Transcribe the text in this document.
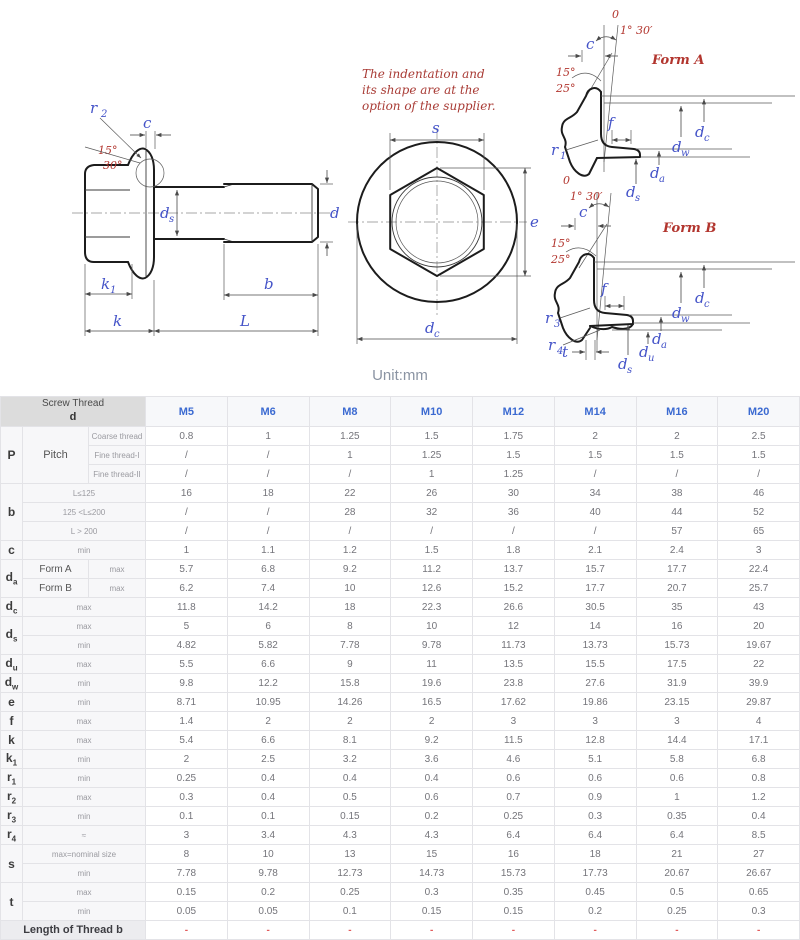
c
r 2
15°
30°
d s	d
k 1	b
k	L
The indentation and
its shape are at the
option of the supplier.
s
e
d c
Form A
0
1° 30′
c
15°
25°
f
r 1
d c
d w
d a
d s
Form B
0
1° 30′
c
15°
25°
f
r 3
r 4
t
d c
d w
d a
d u
d s
Unit:mm
Screw Thread
d			M5	M6	M8	M10	M12	M14	M16	M20
P	Pitch	Coarse thread	0.8	1	1.25	1.5	1.75	2	2	2.5
		Fine thread-I	/	/	1	1.25	1.5	1.5	1.5	1.5
		Fine thread-II	/	/	/	1	1.25	/	/	/
b	L≤125		16	18	22	26	30	34	38	46
	125 <L≤200		/	/	28	32	36	40	44	52
	L > 200		/	/	/	/	/	/	57	65
c	min		1	1.1	1.2	1.5	1.8	2.1	2.4	3
$d_a$	Form A	max	5.7	6.8	9.2	11.2	13.7	15.7	17.7	22.4
	Form B	max	6.2	7.4	10	12.6	15.2	17.7	20.7	25.7
$d_c$	max		11.8	14.2	18	22.3	26.6	30.5	35	43
$d_s$	max		5	6	8	10	12	14	16	20
	min		4.82	5.82	7.78	9.78	11.73	13.73	15.73	19.67
$d_u$	max		5.5	6.6	9	11	13.5	15.5	17.5	22
$d_w$	min		9.8	12.2	15.8	19.6	23.8	27.6	31.9	39.9
e	min		8.71	10.95	14.26	16.5	17.62	19.86	23.15	29.87
f	max		1.4	2	2	2	3	3	3	4
k	max		5.4	6.6	8.1	9.2	11.5	12.8	14.4	17.1
$k_1$	min		2	2.5	3.2	3.6	4.6	5.1	5.8	6.8
$r_1$	min		0.25	0.4	0.4	0.4	0.6	0.6	0.6	0.8
$r_2$	max		0.3	0.4	0.5	0.6	0.7	0.9	1	1.2
$r_3$	min		0.1	0.1	0.15	0.2	0.25	0.3	0.35	0.4
$r_4$	≈		3	3.4	4.3	4.3	6.4	6.4	6.4	8.5
s	max=nominal size		8	10	13	15	16	18	21	27
	min		7.78	9.78	12.73	14.73	15.73	17.73	20.67	26.67
t	max		0.15	0.2	0.25	0.3	0.35	0.45	0.5	0.65
	min		0.05	0.05	0.1	0.15	0.15	0.2	0.25	0.3
Length of Thread b			-	-	-	-	-	-	-	-
